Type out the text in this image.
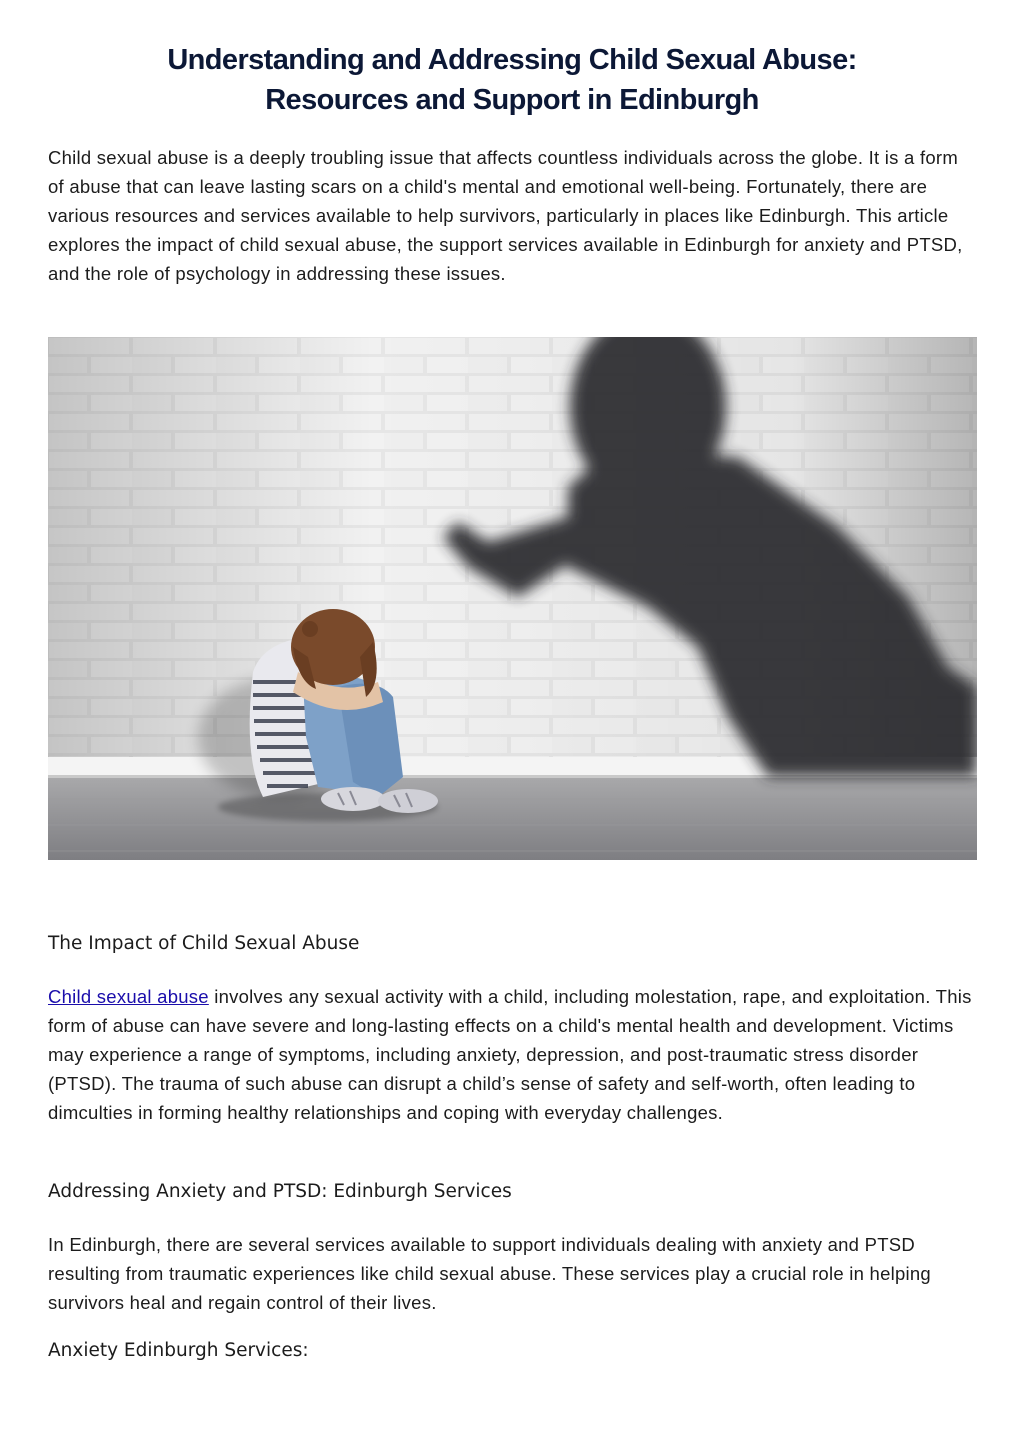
Understanding and Addressing Child Sexual Abuse:
Resources and Support in Edinburgh

Child sexual abuse is a deeply troubling issue that affects countless individuals across the globe. It is a form of abuse that can leave lasting scars on a child's mental and emotional well-being. Fortunately, there are various resources and services available to help survivors, particularly in places like Edinburgh. This article explores the impact of child sexual abuse, the support services available in Edinburgh for anxiety and PTSD, and the role of psychology in addressing these issues.

The Impact of Child Sexual Abuse

Child sexual abuse involves any sexual activity with a child, including molestation, rape, and exploitation. This form of abuse can have severe and long-lasting effects on a child's mental health and development. Victims may experience a range of symptoms, including anxiety, depression, and post-traumatic stress disorder (PTSD). The trauma of such abuse can disrupt a child’s sense of safety and self-worth, often leading to dimculties in forming healthy relationships and coping with everyday challenges.

Addressing Anxiety and PTSD: Edinburgh Services

In Edinburgh, there are several services available to support individuals dealing with anxiety and PTSD resulting from traumatic experiences like child sexual abuse. These services play a crucial role in helping survivors heal and regain control of their lives.

Anxiety Edinburgh Services:
